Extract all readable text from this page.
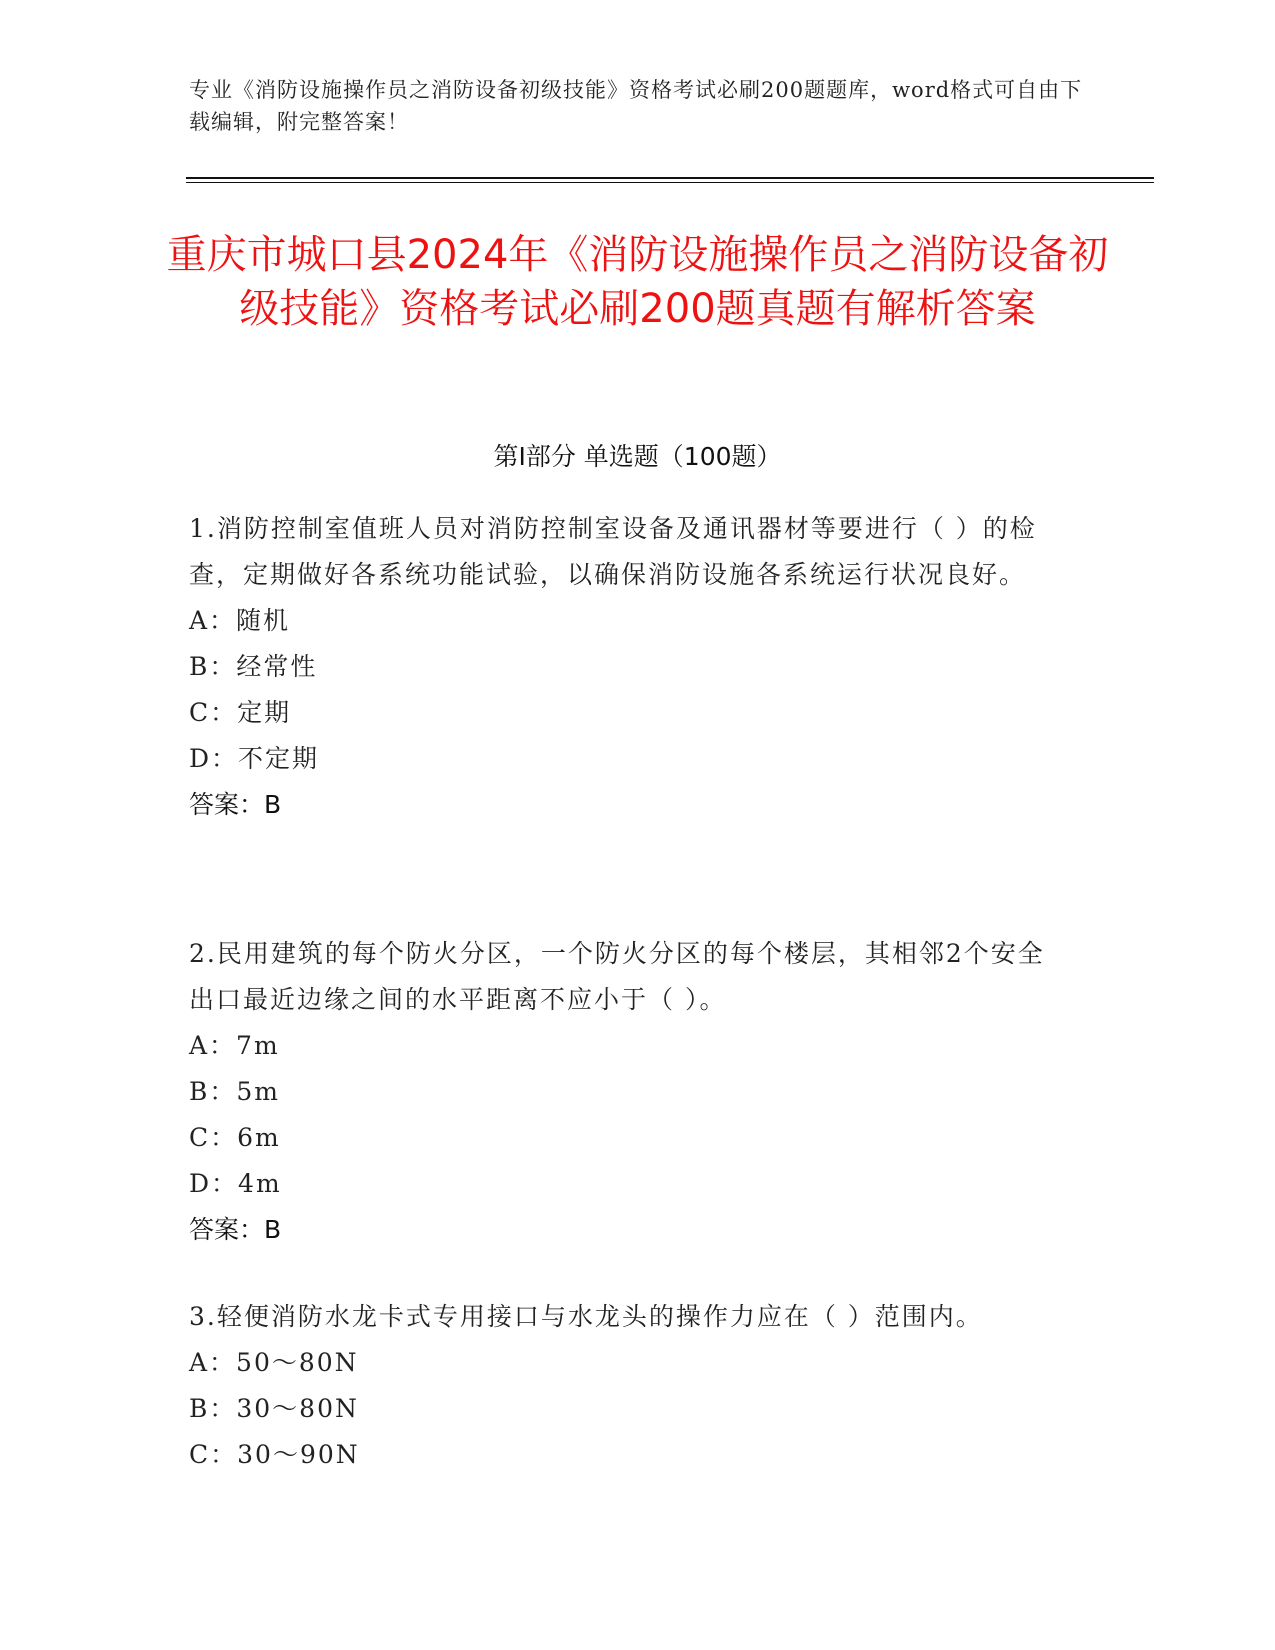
专业《消防设施操作员之消防设备初级技能》资格考试必刷200题题库，word格式可自由下载编辑，附完整答案！
重庆市城口县2024年《消防设施操作员之消防设备初级技能》资格考试必刷200题真题有解析答案
第Ⅰ部分 单选题（100题）

1.消防控制室值班人员对消防控制室设备及通讯器材等要进行（ ）的检查，定期做好各系统功能试验，以确保消防设施各系统运行状况良好。

A：随机

B：经常性

C：定期

D：不定期

答案：B

2.民用建筑的每个防火分区，一个防火分区的每个楼层，其相邻2个安全出口最近边缘之间的水平距离不应小于（ ）。

A：7m

B：5m

C：6m

D：4m

答案：B

3.轻便消防水龙卡式专用接口与水龙头的操作力应在（ ）范围内。

A：50～80N

B：30～80N

C：30～90N
